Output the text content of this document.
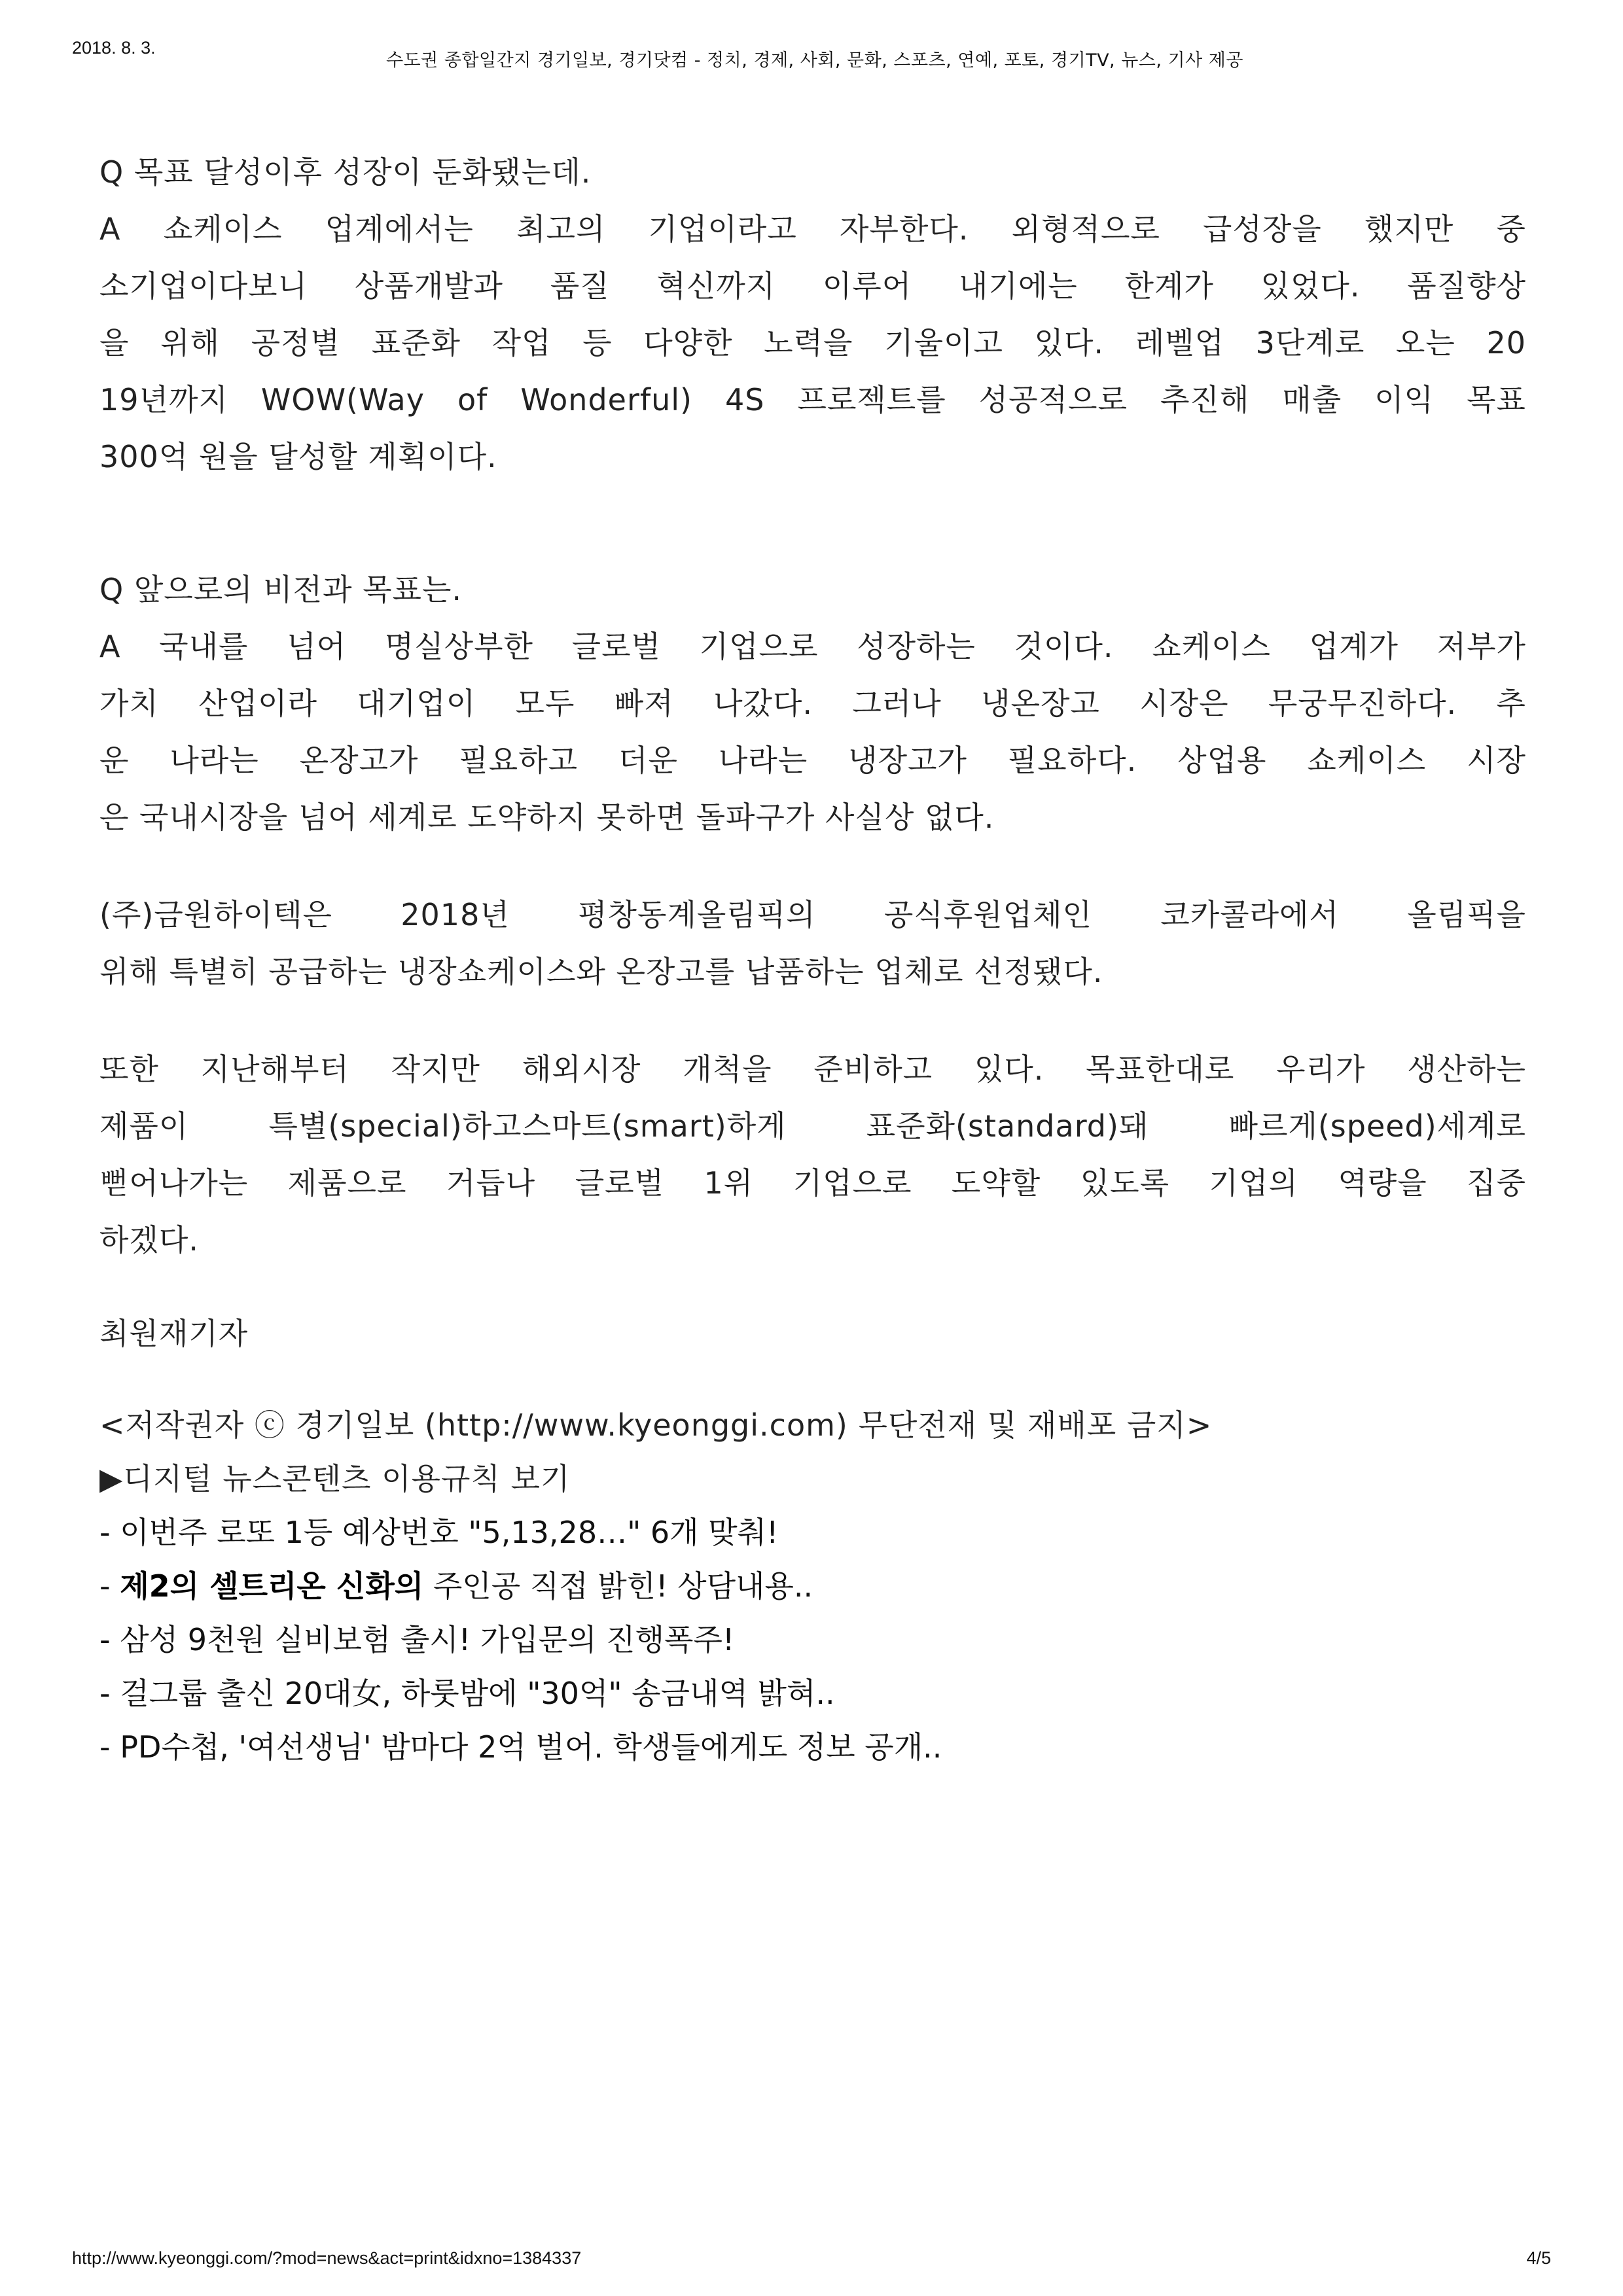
2018. 8. 3.
수도권 종합일간지 경기일보, 경기닷컴 - 정치, 경제, 사회, 문화, 스포츠, 연예, 포토, 경기TV, 뉴스, 기사 제공

Q 목표 달성이후 성장이 둔화됐는데.
A 쇼케이스 업계에서는 최고의 기업이라고 자부한다. 외형적으로 급성장을 했지만 중
소기업이다보니 상품개발과 품질 혁신까지 이루어 내기에는 한계가 있었다. 품질향상
을 위해 공정별 표준화 작업 등 다양한 노력을 기울이고 있다. 레벨업 3단계로 오는 20
19년까지 WOW(Way of Wonderful) 4S 프로젝트를 성공적으로 추진해 매출 이익 목표
300억 원을 달성할 계획이다.

Q 앞으로의 비전과 목표는.
A 국내를 넘어 명실상부한 글로벌 기업으로 성장하는 것이다. 쇼케이스 업계가 저부가
가치 산업이라 대기업이 모두 빠져 나갔다. 그러나 냉온장고 시장은 무궁무진하다. 추
운 나라는 온장고가 필요하고 더운 나라는 냉장고가 필요하다. 상업용 쇼케이스 시장
은 국내시장을 넘어 세계로 도약하지 못하면 돌파구가 사실상 없다.

(주)금원하이텍은 2018년 평창동계올림픽의 공식후원업체인 코카콜라에서 올림픽을
위해 특별히 공급하는 냉장쇼케이스와 온장고를 납품하는 업체로 선정됐다.

또한 지난해부터 작지만 해외시장 개척을 준비하고 있다. 목표한대로 우리가 생산하는
제품이 특별(special)하고스마트(smart)하게 표준화(standard)돼 빠르게(speed)세계로
뻗어나가는 제품으로 거듭나 글로벌 1위 기업으로 도약할 있도록 기업의 역량을 집중
하겠다.

최원재기자
<저작권자 ⓒ 경기일보 (http://www.kyeonggi.com) 무단전재 및 재배포 금지>
▶디지털 뉴스콘텐츠 이용규칙 보기
- 이번주 로또 1등 예상번호 "5,13,28…" 6개 맞춰!
- 제2의 셀트리온 신화의 주인공 직접 밝힌! 상담내용..
- 삼성 9천원 실비보험 출시! 가입문의 진행폭주!
- 걸그룹 출신 20대女, 하룻밤에 "30억" 송금내역 밝혀..
- PD수첩, '여선생님' 밤마다 2억 벌어. 학생들에게도 정보 공개..
http://www.kyeonggi.com/?mod=news&act=print&idxno=1384337	4/5
